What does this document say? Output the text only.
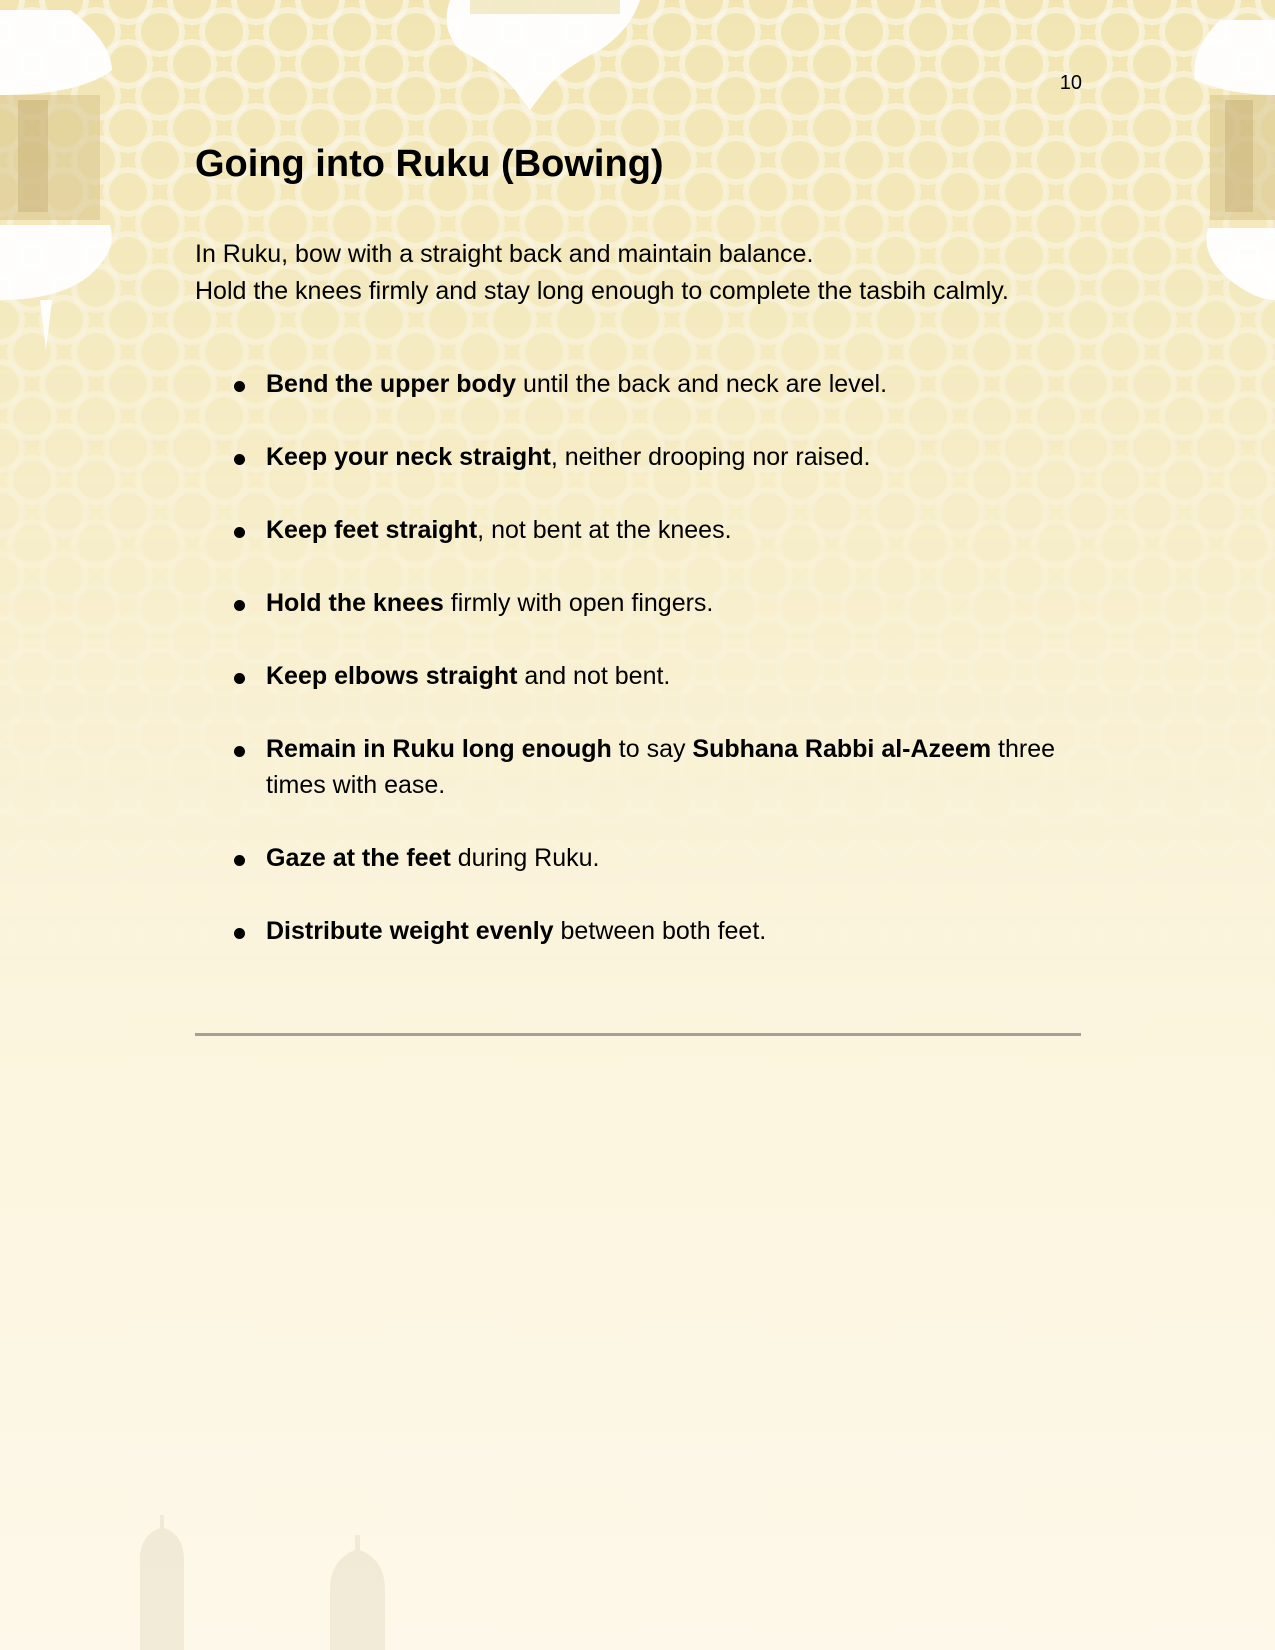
10
Going into Ruku (Bowing)

In Ruku, bow with a straight back and maintain balance.

Hold the knees firmly and stay long enough to complete the tasbih calmly.

Bend the upper body until the back and neck are level.
Keep your neck straight, neither drooping nor raised.
Keep feet straight, not bent at the knees.
Hold the knees firmly with open fingers.
Keep elbows straight and not bent.
Remain in Ruku long enough to say Subhana Rabbi al-Azeem three times with ease.
Gaze at the feet during Ruku.
Distribute weight evenly between both feet.
